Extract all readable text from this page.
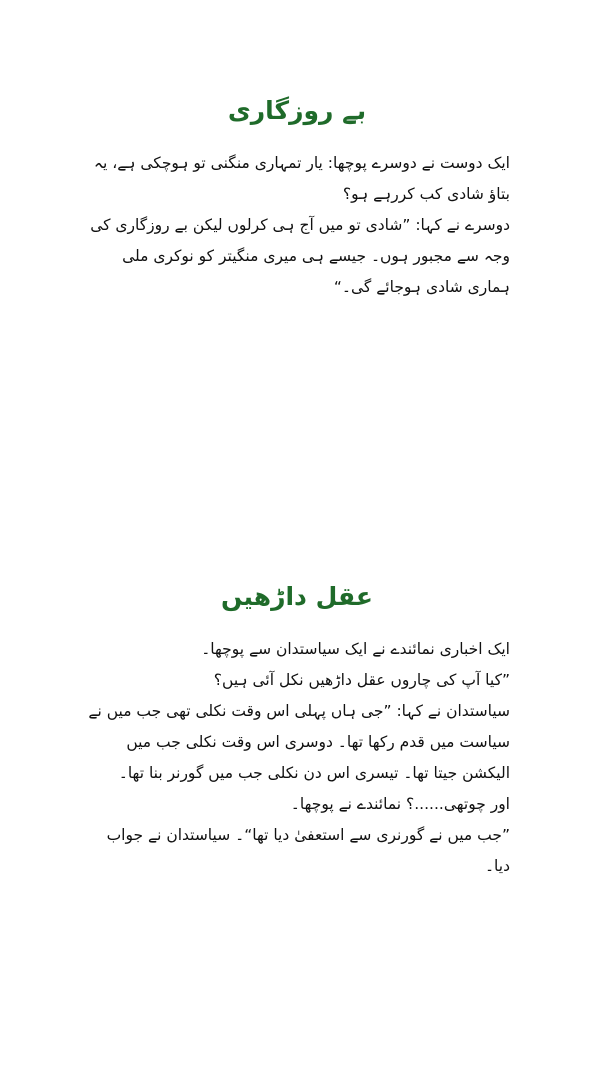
بے روزگاری

ایک دوست نے دوسرے پوچھا: یار تمہاری منگنی تو ہوچکی ہے، یہ بتاؤ شادی کب کررہے ہو؟

دوسرے نے کہا: ”شادی تو میں آج ہی کرلوں لیکن بے روزگاری کی وجہ سے مجبور ہوں۔ جیسے ہی میری منگیتر کو نوکری ملی ہماری شادی ہوجائے گی۔“

عقل داڑھیں

ایک اخباری نمائندے نے ایک سیاستدان سے پوچھا۔

”کیا آپ کی چاروں عقل داڑھیں نکل آئی ہیں؟

سیاستدان نے کہا: ”جی ہاں پہلی اس وقت نکلی تھی جب میں نے سیاست میں قدم رکھا تھا۔ دوسری اس وقت نکلی جب میں الیکشن جیتا تھا۔ تیسری اس دن نکلی جب میں گورنر بنا تھا۔

اور چوتھی......؟ نمائندے نے پوچھا۔

”جب میں نے گورنری سے استعفیٰ دیا تھا“۔ سیاستدان نے جواب دیا۔
